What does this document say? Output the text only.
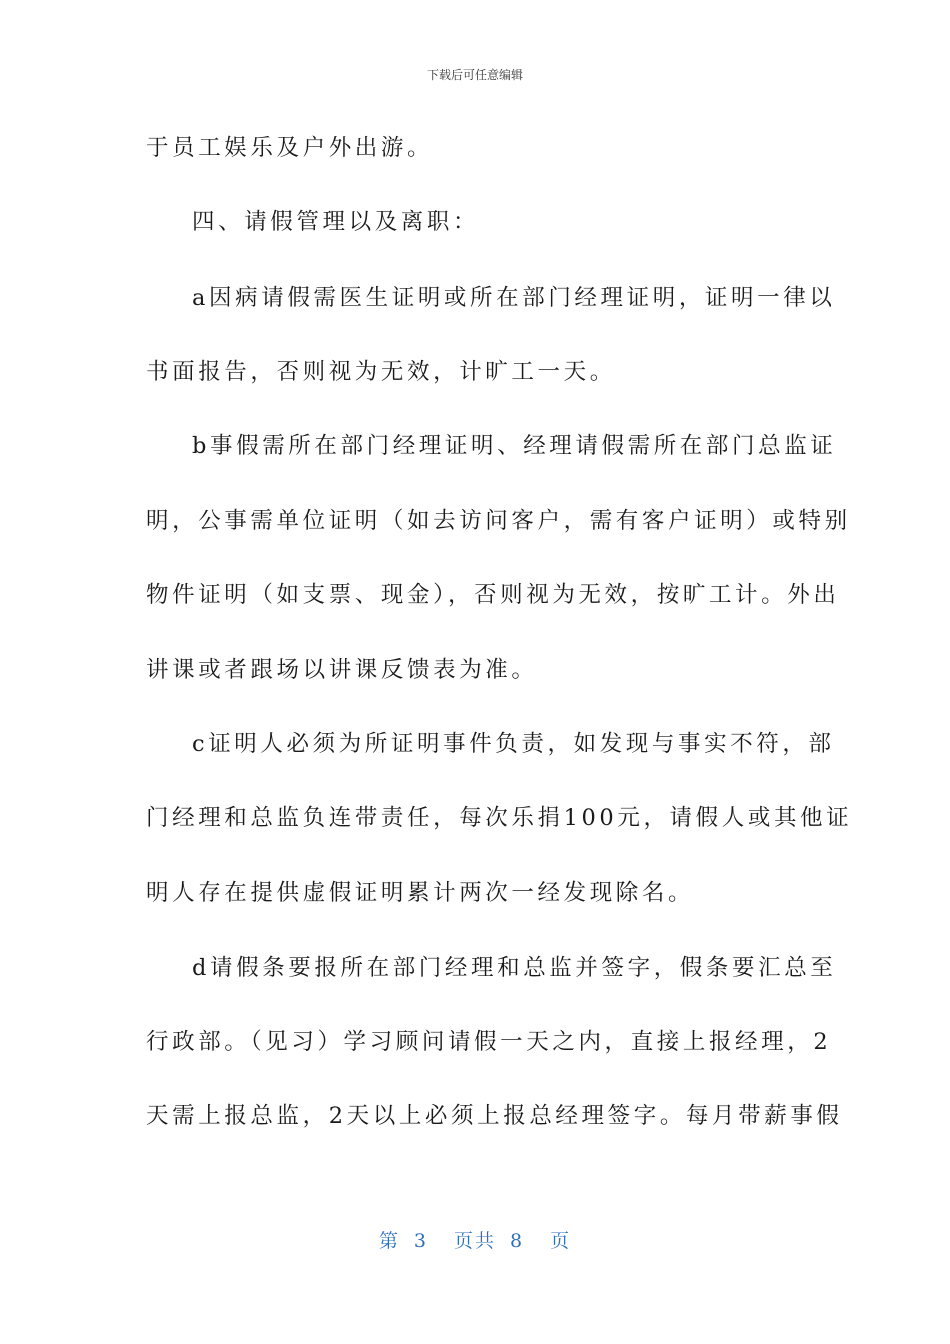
下载后可任意编辑
于员工娱乐及户外出游。
四、请假管理以及离职：
a因病请假需医生证明或所在部门经理证明，证明一律以
书面报告，否则视为无效，计旷工一天。
b事假需所在部门经理证明、经理请假需所在部门总监证
明，公事需单位证明（如去访问客户，需有客户证明）或特别
物件证明（如支票、现金），否则视为无效，按旷工计。外出
讲课或者跟场以讲课反馈表为准。
c证明人必须为所证明事件负责，如发现与事实不符，部
门经理和总监负连带责任，每次乐捐100元，请假人或其他证
明人存在提供虚假证明累计两次一经发现除名。
d请假条要报所在部门经理和总监并签字，假条要汇总至
行政部。（见习）学习顾问请假一天之内，直接上报经理，2
天需上报总监，2天以上必须上报总经理签字。每月带薪事假
第 3 页共 8 页
